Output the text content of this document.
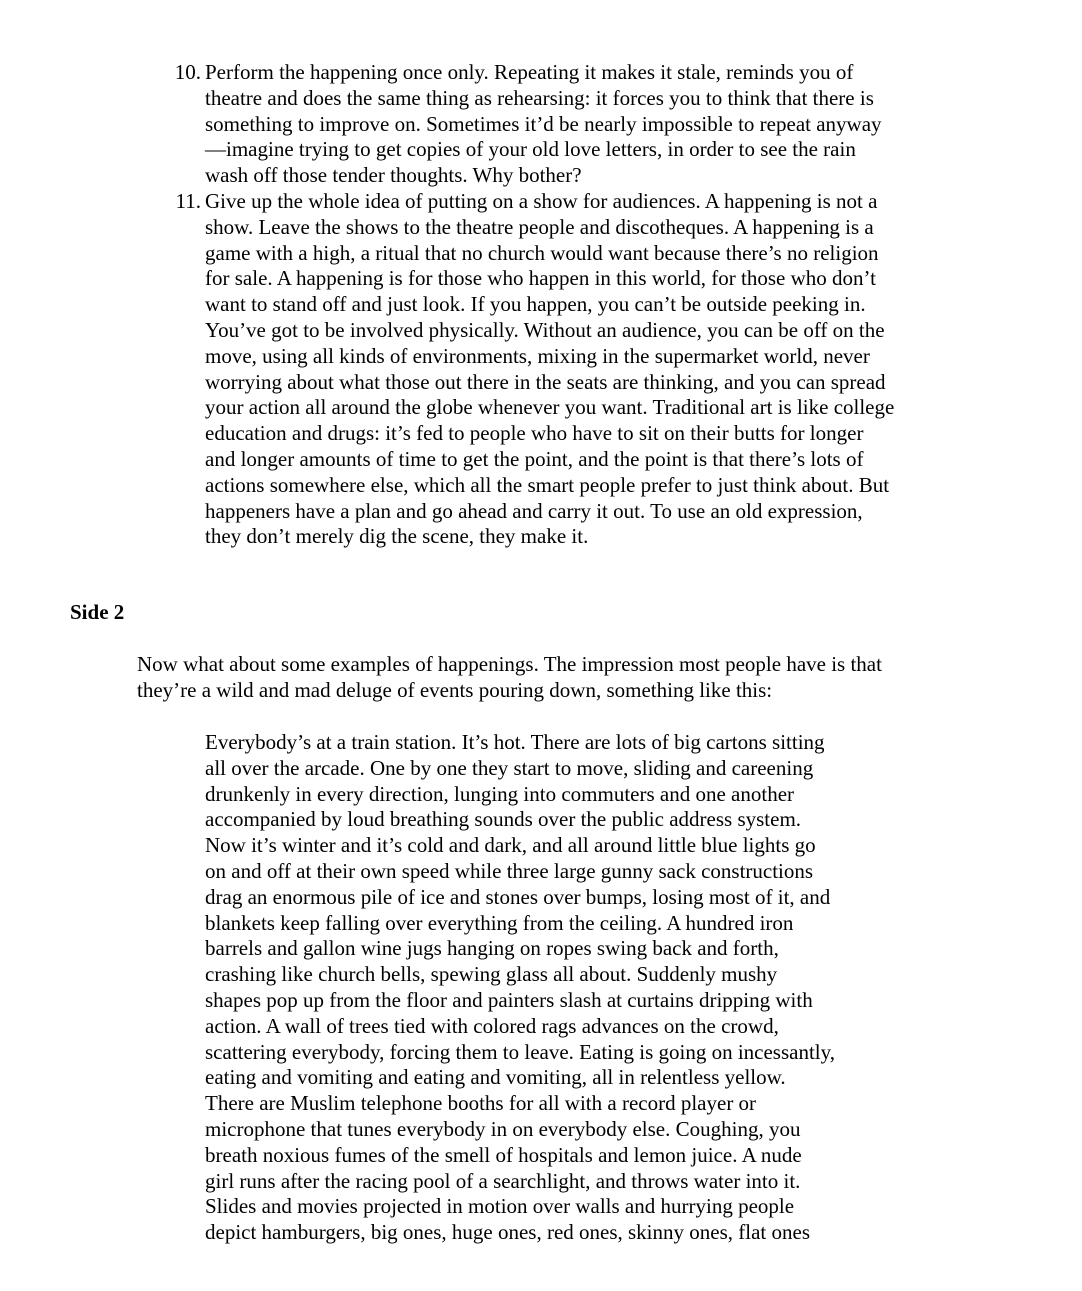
10. Perform the happening once only. Repeating it makes it stale, reminds you of
theatre and does the same thing as rehearsing: it forces you to think that there is
something to improve on. Sometimes it’d be nearly impossible to repeat anyway
—imagine trying to get copies of your old love letters, in order to see the rain
wash off those tender thoughts. Why bother?
11. Give up the whole idea of putting on a show for audiences. A happening is not a
show. Leave the shows to the theatre people and discotheques. A happening is a
game with a high, a ritual that no church would want because there’s no religion
for sale. A happening is for those who happen in this world, for those who don’t
want to stand off and just look. If you happen, you can’t be outside peeking in.
You’ve got to be involved physically. Without an audience, you can be off on the
move, using all kinds of environments, mixing in the supermarket world, never
worrying about what those out there in the seats are thinking, and you can spread
your action all around the globe whenever you want. Traditional art is like college
education and drugs: it’s fed to people who have to sit on their butts for longer
and longer amounts of time to get the point, and the point is that there’s lots of
actions somewhere else, which all the smart people prefer to just think about. But
happeners have a plan and go ahead and carry it out. To use an old expression,
they don’t merely dig the scene, they make it.
Side 2
Now what about some examples of happenings. The impression most people have is that
they’re a wild and mad deluge of events pouring down, something like this:
Everybody’s at a train station. It’s hot. There are lots of big cartons sitting
all over the arcade. One by one they start to move, sliding and careening
drunkenly in every direction, lunging into commuters and one another
accompanied by loud breathing sounds over the public address system.
Now it’s winter and it’s cold and dark, and all around little blue lights go
on and off at their own speed while three large gunny sack constructions
drag an enormous pile of ice and stones over bumps, losing most of it, and
blankets keep falling over everything from the ceiling. A hundred iron
barrels and gallon wine jugs hanging on ropes swing back and forth,
crashing like church bells, spewing glass all about. Suddenly mushy
shapes pop up from the floor and painters slash at curtains dripping with
action. A wall of trees tied with colored rags advances on the crowd,
scattering everybody, forcing them to leave. Eating is going on incessantly,
eating and vomiting and eating and vomiting, all in relentless yellow.
There are Muslim telephone booths for all with a record player or
microphone that tunes everybody in on everybody else. Coughing, you
breath noxious fumes of the smell of hospitals and lemon juice. A nude
girl runs after the racing pool of a searchlight, and throws water into it.
Slides and movies projected in motion over walls and hurrying people
depict hamburgers, big ones, huge ones, red ones, skinny ones, flat ones
